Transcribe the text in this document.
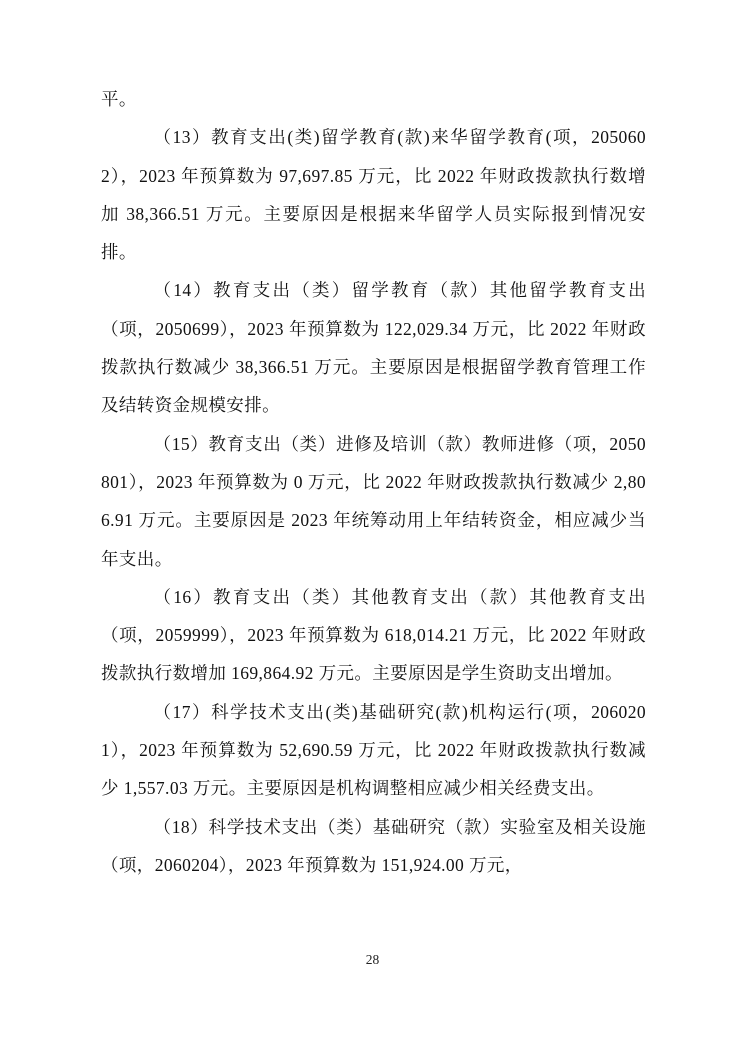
平。

（13）教育支出(类)留学教育(款)来华留学教育(项，2050602），2023 年预算数为 97,697.85 万元，比 2022 年财政拨款执行数增加 38,366.51 万元。主要原因是根据来华留学人员实际报到情况安排。

（14）教育支出（类）留学教育（款）其他留学教育支出（项，2050699），2023 年预算数为 122,029.34 万元，比 2022 年财政拨款执行数减少 38,366.51 万元。主要原因是根据留学教育管理工作及结转资金规模安排。

（15）教育支出（类）进修及培训（款）教师进修（项，2050801），2023 年预算数为 0 万元，比 2022 年财政拨款执行数减少 2,806.91 万元。主要原因是 2023 年统筹动用上年结转资金，相应减少当年支出。

（16）教育支出（类）其他教育支出（款）其他教育支出（项，2059999），2023 年预算数为 618,014.21 万元，比 2022 年财政拨款执行数增加 169,864.92 万元。主要原因是学生资助支出增加。

（17）科学技术支出(类)基础研究(款)机构运行(项，2060201），2023 年预算数为 52,690.59 万元，比 2022 年财政拨款执行数减少 1,557.03 万元。主要原因是机构调整相应减少相关经费支出。

（18）科学技术支出（类）基础研究（款）实验室及相关设施（项，2060204），2023 年预算数为 151,924.00 万元，

28
